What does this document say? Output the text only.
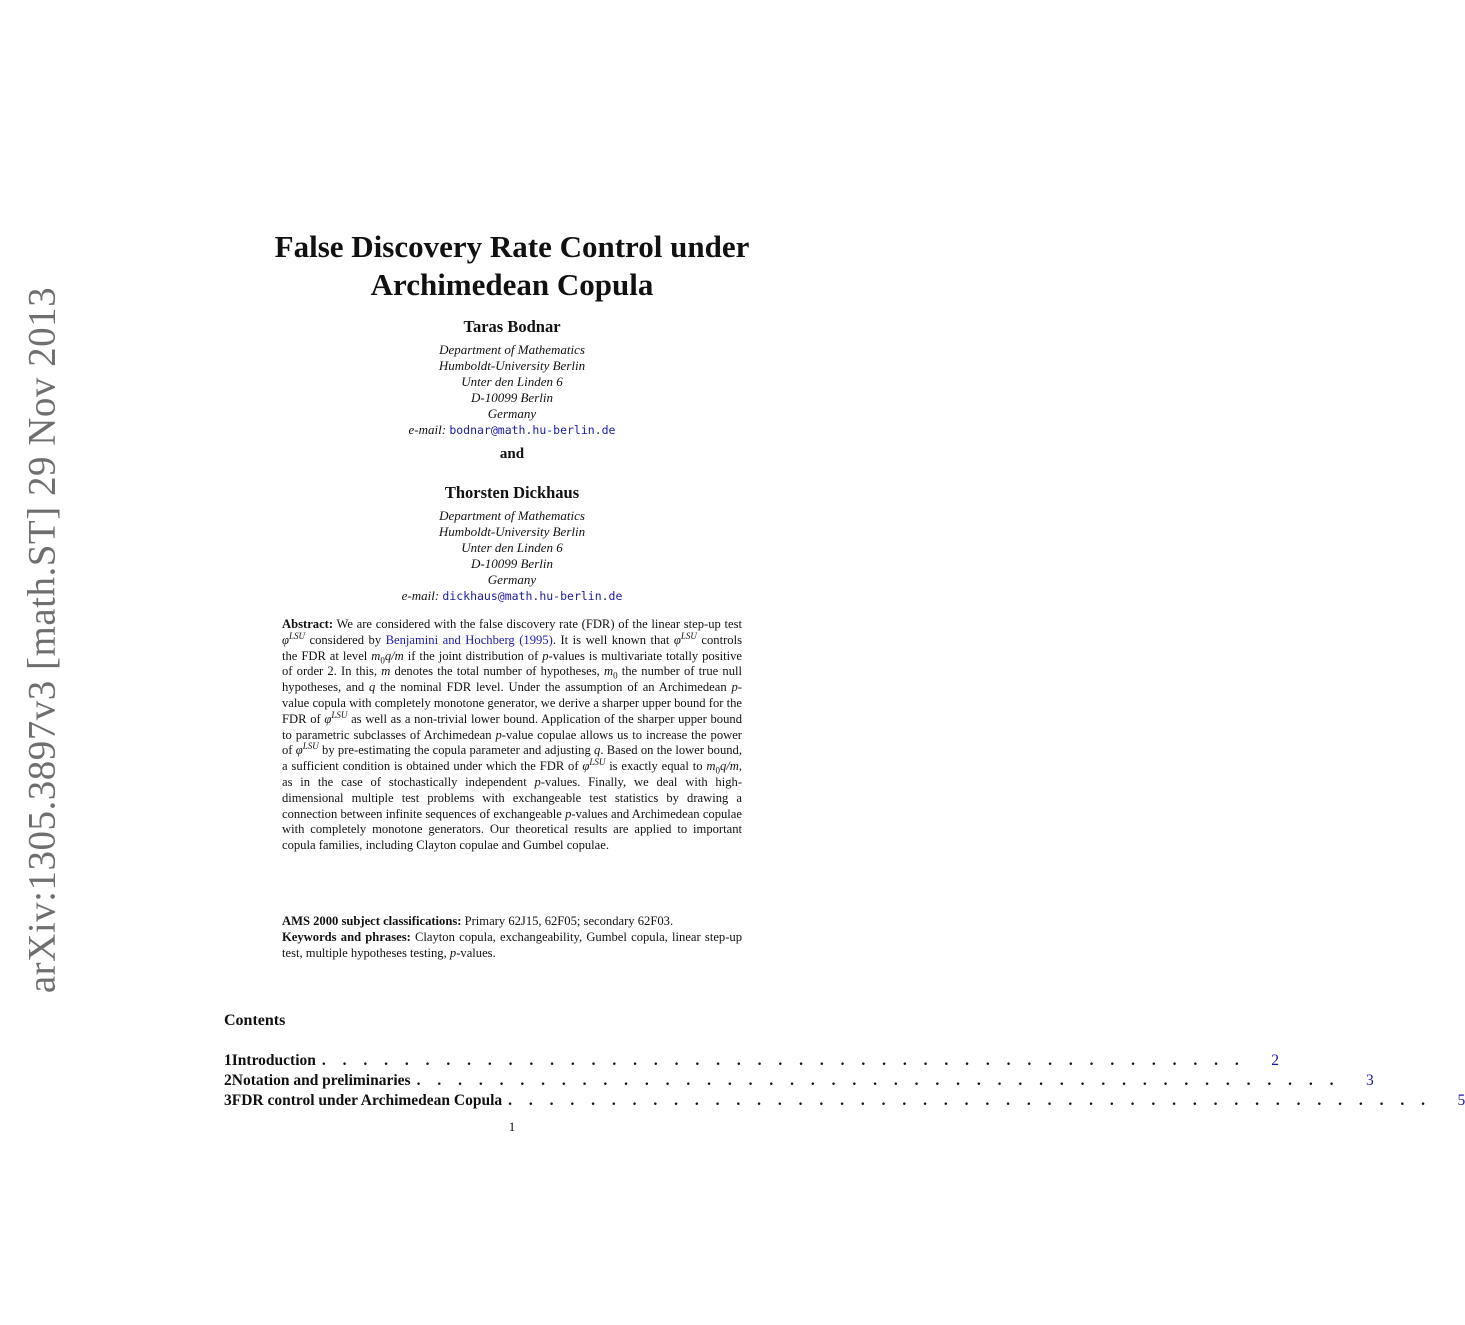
arXiv:1305.3897v3 [math.ST] 29 Nov 2013
False Discovery Rate Control under
Archimedean Copula
Taras Bodnar
Department of Mathematics
Humboldt-University Berlin
Unter den Linden 6
D-10099 Berlin
Germany
e-mail: bodnar@math.hu-berlin.de
and
Thorsten Dickhaus
Department of Mathematics
Humboldt-University Berlin
Unter den Linden 6
D-10099 Berlin
Germany
e-mail: dickhaus@math.hu-berlin.de
Abstract: We are considered with the false discovery rate (FDR) of the linear step-up test $\varphi^{LSU}$ considered by Benjamini and Hochberg (1995). It is well known that $\varphi^{LSU}$ controls the FDR at level $m_0q/m$ if the joint distribution of p-values is multivariate totally positive of order 2. In this, m denotes the total number of hypotheses, $m_0$ the number of true null hypotheses, and q the nominal FDR level. Under the assumption of an Archimedean p-value copula with completely monotone generator, we derive a sharper upper bound for the FDR of $\varphi^{LSU}$ as well as a non-trivial lower bound. Application of the sharper upper bound to parametric subclasses of Archimedean p-value copulae allows us to increase the power of $\varphi^{LSU}$ by pre-estimating the copula parameter and adjusting q. Based on the lower bound, a sufficient condition is obtained under which the FDR of $\varphi^{LSU}$ is exactly equal to $m_0q/m$, as in the case of stochastically independent p-values. Finally, we deal with high-dimensional multiple test problems with exchangeable test statistics by drawing a connection between infinite sequences of exchangeable p-values and Archimedean copulae with completely monotone generators. Our theoretical results are applied to important copula families, including Clayton copulae and Gumbel copulae.

AMS 2000 subject classifications: Primary 62J15, 62F05; secondary 62F03.

Keywords and phrases: Clayton copula, exchangeability, Gumbel copula, linear step-up test, multiple hypotheses testing, p-values.

Contents
1 Introduction . . . . . . . . . . . . . . . . . . . . . . . . . . . . . . . . . . . . . . . . . . . . . 2
2 Notation and preliminaries . . . . . . . . . . . . . . . . . . . . . . . . . . . . . . . . . . . . . . . . . . . . . 3
3 FDR control under Archimedean Copula . . . . . . . . . . . . . . . . . . . . . . . . . . . . . . . . . . . . . . . . . . . . . 5
1
